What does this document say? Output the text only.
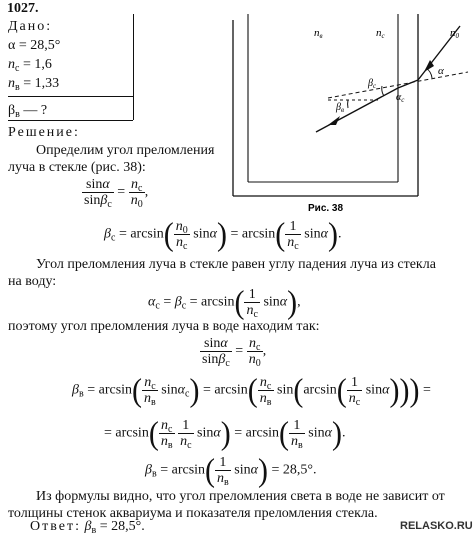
1027.
Дано:
α = 28,5°
$n_c = 1,6$
$n_в = 1,33$
$\beta_в$ — ?
nв	nc	n0
α
$\beta_c$
$\alpha_c$
$\beta_в$
Рис. 38
Решение:
Определим угол преломления луча в стекле (рис. 38):
$\frac{\sin\alpha}{\sin\beta_c} = \frac{n_c}{n_0}$ ,
$\beta_c = \arcsin( \frac{n_0}{n_c} \sin\alpha) = \arcsin( \frac{1}{n_c} \sin\alpha)$.
Угол преломления луча в стекле равен углу падения луча из стекла на воду:
$\alpha_c = \beta_c = \arcsin( \frac{1}{n_c} \sin\alpha)$,
поэтому угол преломления луча в воде находим так:
$\frac{\sin\alpha}{\sin\beta_c} = \frac{n_c}{n_0}$ ,
$\beta_в = \arcsin( \frac{n_c}{n_в} \sin\alpha_c) = \arcsin( \frac{n_c}{n_в} \sin(\arcsin( \frac{1}{n_c} \sin\alpha)))$ =
= $\arcsin( \frac{n_c}{n_в}$
$\frac{1}{n_c} \sin\alpha) = \arcsin( \frac{1}{n_в} \sin\alpha)$.
$\beta_в = \arcsin( \frac{1}{n_в} \sin\alpha) = 28,5^\circ$.
Из формулы видно, что угол преломления света в воде не зависит от толщины стенок аквариума и показателя преломления стекла.
Ответ: $\beta_в = 28,5^\circ$.	RELASKO.RU
